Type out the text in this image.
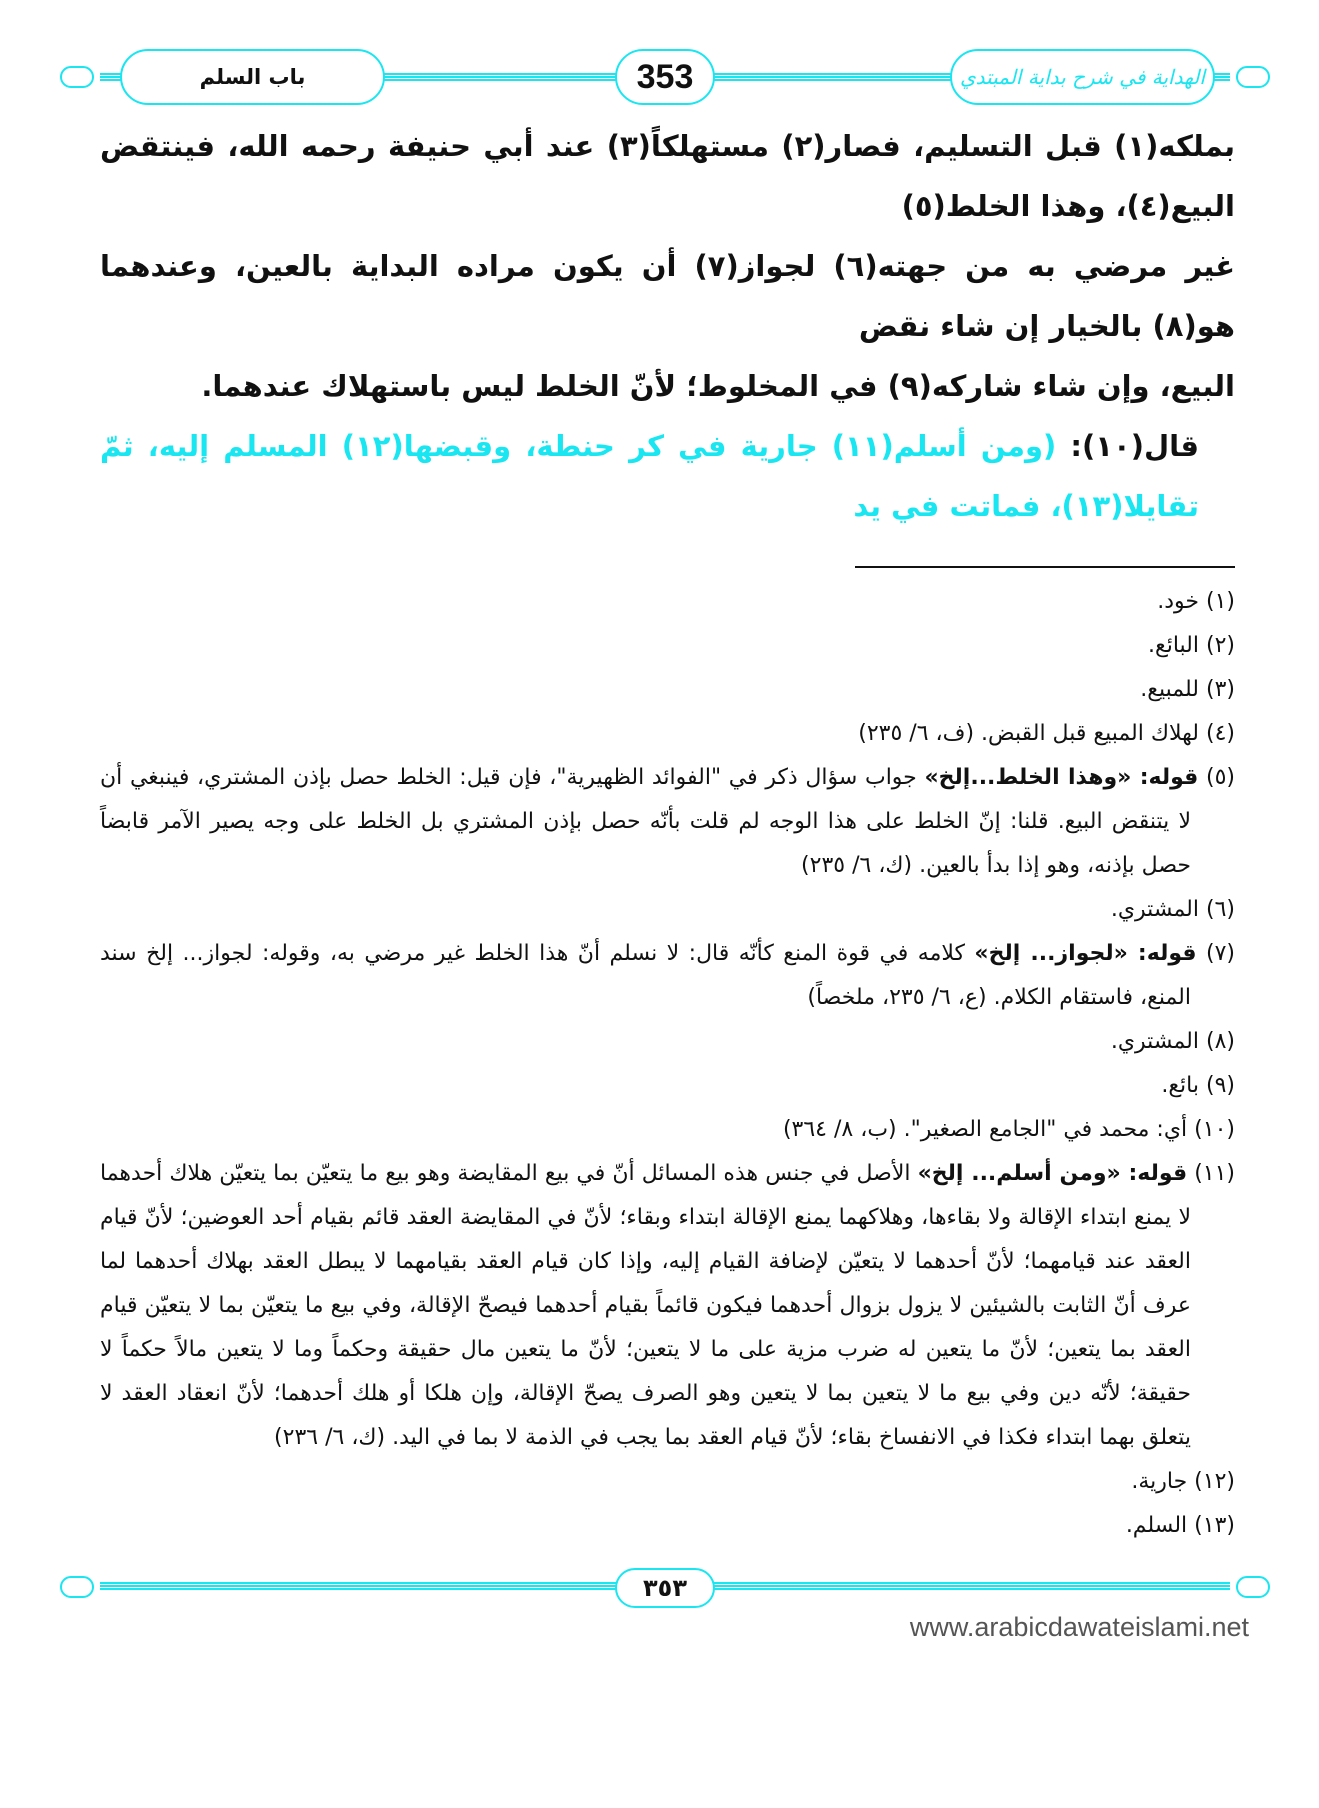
باب السلم	353	الهداية في شرح بداية المبتدي
بملكه(١) قبل التسليم، فصار(٢) مستهلكاً(٣) عند أبي حنيفة رحمه الله، فينتقض البيع(٤)، وهذا الخلط(٥)
غير مرضي به من جهته(٦) لجواز(٧) أن يكون مراده البداية بالعين، وعندهما هو(٨) بالخيار إن شاء نقض
البيع، وإن شاء شاركه(٩) في المخلوط؛ لأنّ الخلط ليس باستهلاك عندهما.
قال(١٠): (ومن أسلم(١١) جارية في كر حنطة، وقبضها(١٢) المسلم إليه، ثمّ تقايلا(١٣)، فماتت في يد
(١) خود.
(٢) البائع.
(٣) للمبيع.
(٤) لهلاك المبيع قبل القبض. (ف، ٦/ ٢٣٥)
(٥) قوله: «وهذا الخلط...إلخ» جواب سؤال ذكر في "الفوائد الظهيرية"، فإن قيل: الخلط حصل بإذن المشتري، فينبغي أن لا يتنقض البيع. قلنا: إنّ الخلط على هذا الوجه لم قلت بأنّه حصل بإذن المشتري بل الخلط على وجه يصير الآمر قابضاً حصل بإذنه، وهو إذا بدأ بالعين. (ك، ٦/ ٢٣٥)
(٦) المشتري.
(٧) قوله: «لجواز... إلخ» كلامه في قوة المنع كأنّه قال: لا نسلم أنّ هذا الخلط غير مرضي به، وقوله: لجواز... إلخ سند المنع، فاستقام الكلام. (ع، ٦/ ٢٣٥، ملخصاً)
(٨) المشتري.
(٩) بائع.
(١٠) أي: محمد في "الجامع الصغير". (ب، ٨/ ٣٦٤)
(١١) قوله: «ومن أسلم... إلخ» الأصل في جنس هذه المسائل أنّ في بيع المقايضة وهو بيع ما يتعيّن بما يتعيّن هلاك أحدهما لا يمنع ابتداء الإقالة ولا بقاءها، وهلاكهما يمنع الإقالة ابتداء وبقاء؛ لأنّ في المقايضة العقد قائم بقيام أحد العوضين؛ لأنّ قيام العقد عند قيامهما؛ لأنّ أحدهما لا يتعيّن لإضافة القيام إليه، وإذا كان قيام العقد بقيامهما لا يبطل العقد بهلاك أحدهما لما عرف أنّ الثابت بالشيئين لا يزول بزوال أحدهما فيكون قائماً بقيام أحدهما فيصحّ الإقالة، وفي بيع ما يتعيّن بما لا يتعيّن قيام العقد بما يتعين؛ لأنّ ما يتعين له ضرب مزية على ما لا يتعين؛ لأنّ ما يتعين مال حقيقة وحكماً وما لا يتعين مالاً حكماً لا حقيقة؛ لأنّه دين وفي بيع ما لا يتعين بما لا يتعين وهو الصرف يصحّ الإقالة، وإن هلكا أو هلك أحدهما؛ لأنّ انعقاد العقد لا يتعلق بهما ابتداء فكذا في الانفساخ بقاء؛ لأنّ قيام العقد بما يجب في الذمة لا بما في اليد. (ك، ٦/ ٢٣٦)
(١٢) جارية.
(١٣) السلم.
٣٥٣
www.arabicdawateislami.net
